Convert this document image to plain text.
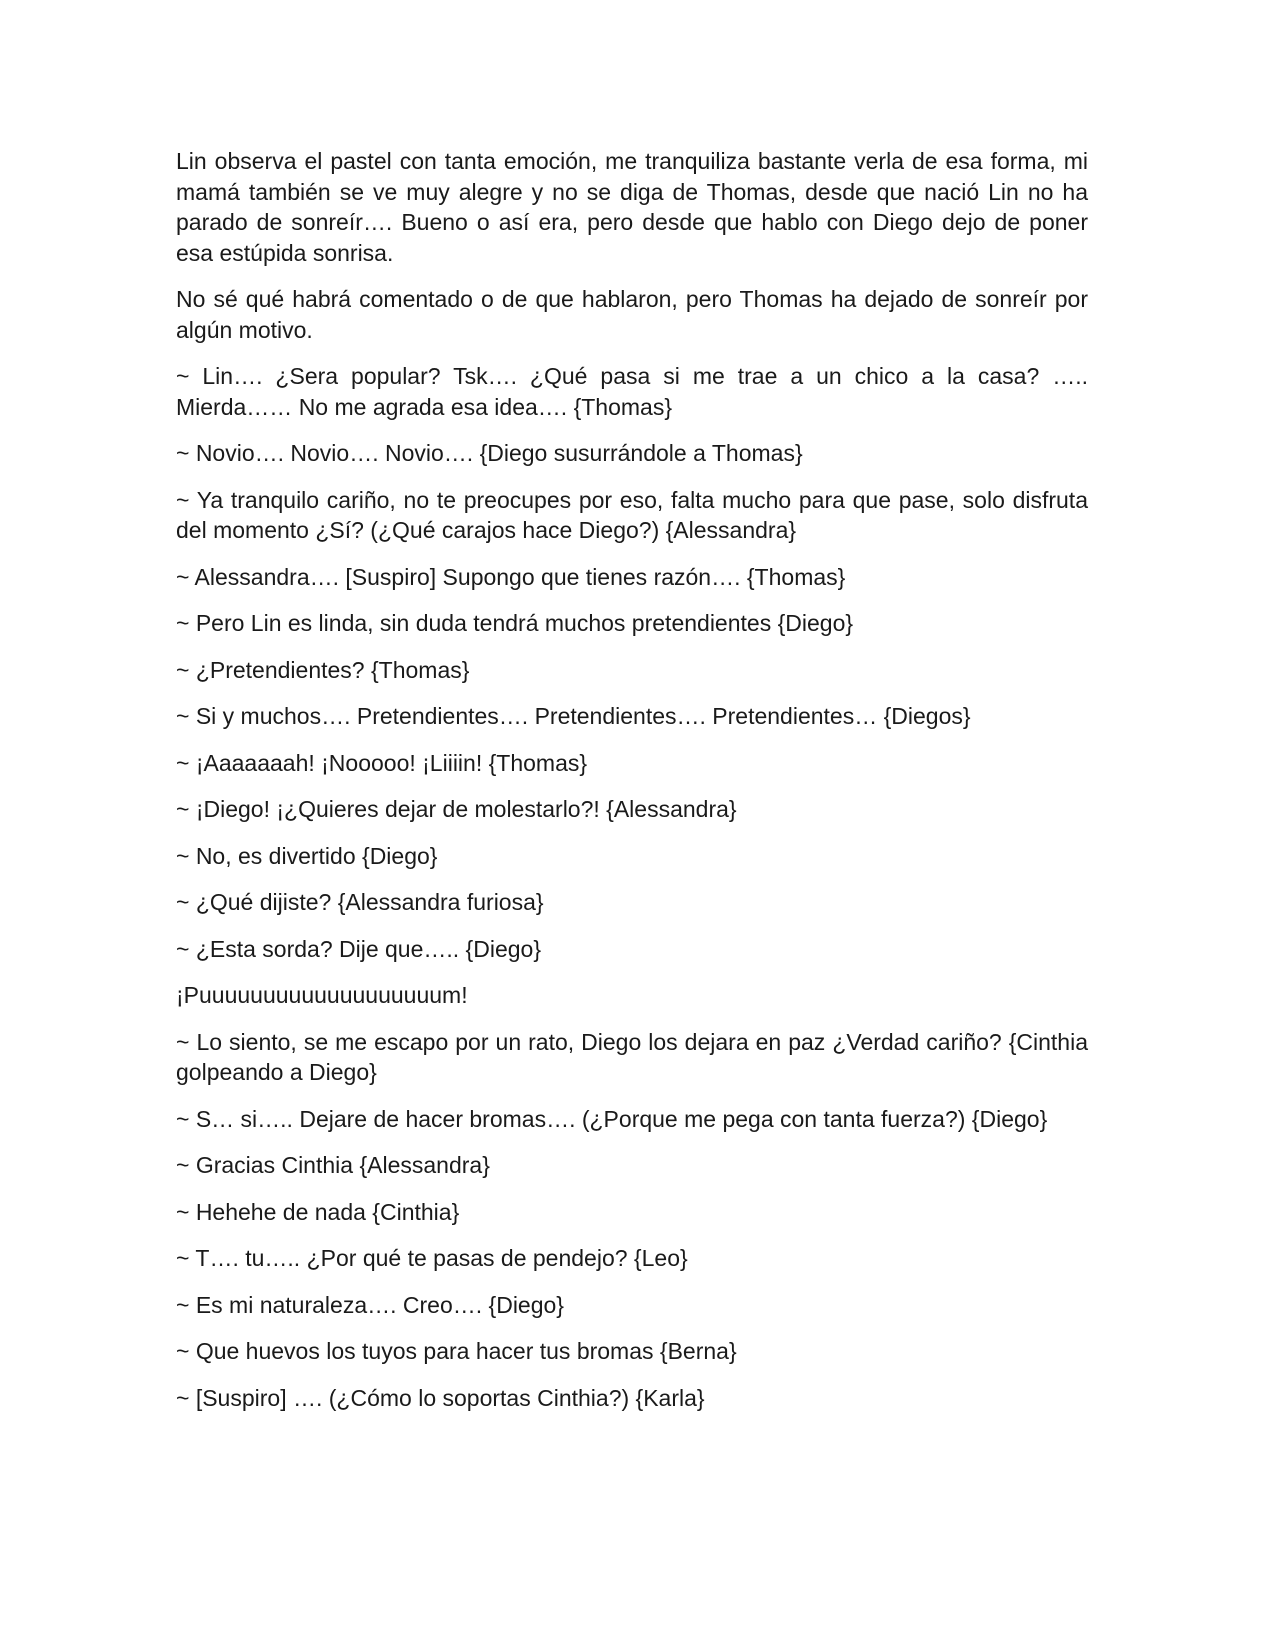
Lin observa el pastel con tanta emoción, me tranquiliza bastante verla de esa forma, mi mamá también se ve muy alegre y no se diga de Thomas, desde que nació Lin no ha parado de sonreír…. Bueno o así era, pero desde que hablo con Diego dejo de poner esa estúpida sonrisa.

No sé qué habrá comentado o de que hablaron, pero Thomas ha dejado de sonreír por algún motivo.

~ Lin…. ¿Sera popular? Tsk…. ¿Qué pasa si me trae a un chico a la casa? ….. Mierda…… No me agrada esa idea…. {Thomas}

~ Novio…. Novio…. Novio…. {Diego susurrándole a Thomas}

~ Ya tranquilo cariño, no te preocupes por eso, falta mucho para que pase, solo disfruta del momento ¿Sí? (¿Qué carajos hace Diego?) {Alessandra}

~ Alessandra…. [Suspiro] Supongo que tienes razón…. {Thomas}

~ Pero Lin es linda, sin duda tendrá muchos pretendientes {Diego}

~ ¿Pretendientes? {Thomas}

~ Si y muchos…. Pretendientes…. Pretendientes…. Pretendientes… {Diegos}

~ ¡Aaaaaaah! ¡Nooooo! ¡Liiiin! {Thomas}

~ ¡Diego! ¡¿Quieres dejar de molestarlo?! {Alessandra}

~ No, es divertido {Diego}

~ ¿Qué dijiste? {Alessandra furiosa}

~ ¿Esta sorda? Dije que….. {Diego}

¡Puuuuuuuuuuuuuuuuuuum!

~ Lo siento, se me escapo por un rato, Diego los dejara en paz ¿Verdad cariño? {Cinthia golpeando a Diego}

~ S… si….. Dejare de hacer bromas…. (¿Porque me pega con tanta fuerza?) {Diego}

~ Gracias Cinthia {Alessandra}

~ Hehehe de nada {Cinthia}

~ T…. tu….. ¿Por qué te pasas de pendejo? {Leo}

~ Es mi naturaleza…. Creo…. {Diego}

~ Que huevos los tuyos para hacer tus bromas {Berna}

~ [Suspiro] …. (¿Cómo lo soportas Cinthia?) {Karla}
